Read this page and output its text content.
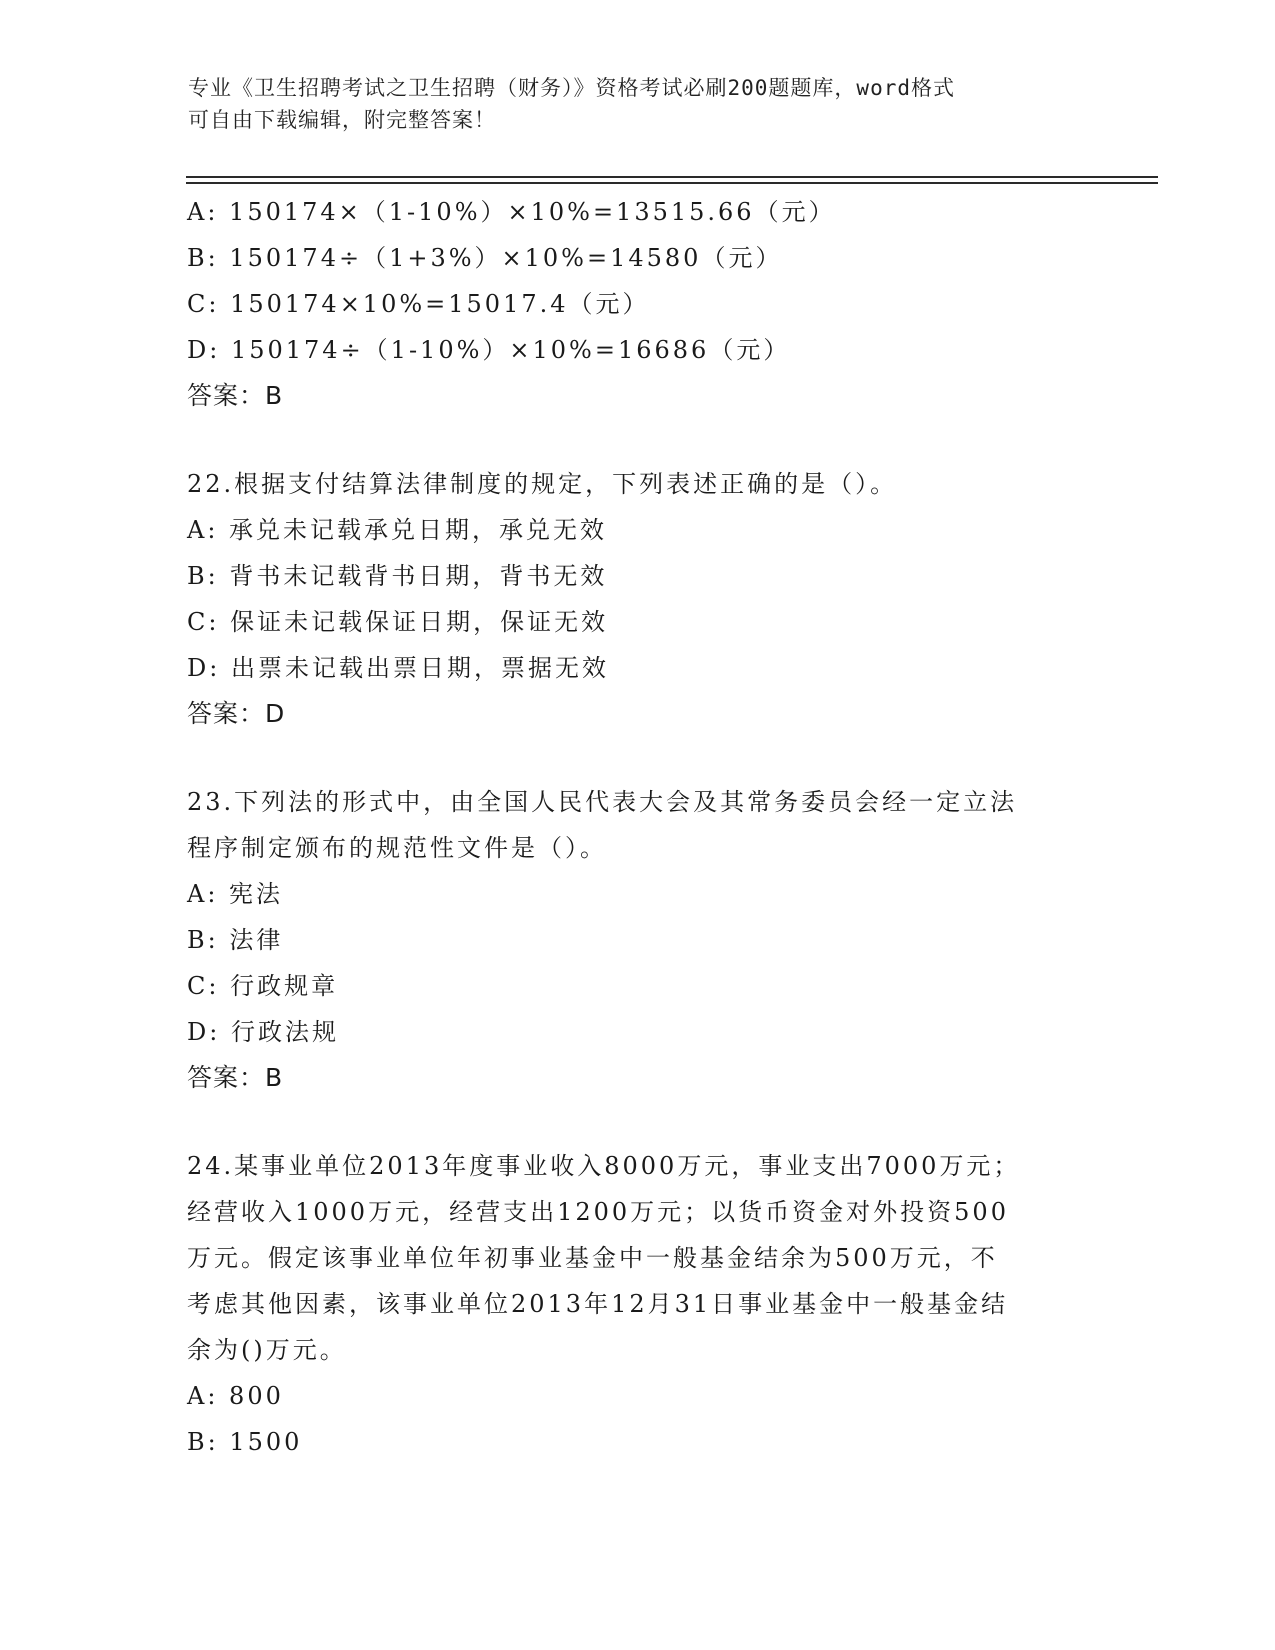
专业《卫生招聘考试之卫生招聘（财务）》资格考试必刷200题题库，word格式
可自由下载编辑，附完整答案！
A: 150174×（1-10%）×10%=13515.66（元）
B: 150174÷（1+3%）×10%=14580（元）
C: 150174×10%=15017.4（元）
D: 150174÷（1-10%）×10%=16686（元）
答案：B
22.根据支付结算法律制度的规定，下列表述正确的是（）。
A: 承兑未记载承兑日期，承兑无效
B: 背书未记载背书日期，背书无效
C: 保证未记载保证日期，保证无效
D: 出票未记载出票日期，票据无效
答案：D
23.下列法的形式中，由全国人民代表大会及其常务委员会经一定立法
程序制定颁布的规范性文件是（）。
A: 宪法
B: 法律
C: 行政规章
D: 行政法规
答案：B
24.某事业单位2013年度事业收入8000万元，事业支出7000万元；
经营收入1000万元，经营支出1200万元；以货币资金对外投资500
万元。假定该事业单位年初事业基金中一般基金结余为500万元，不
考虑其他因素，该事业单位2013年12月31日事业基金中一般基金结
余为()万元。
A: 800
B: 1500
